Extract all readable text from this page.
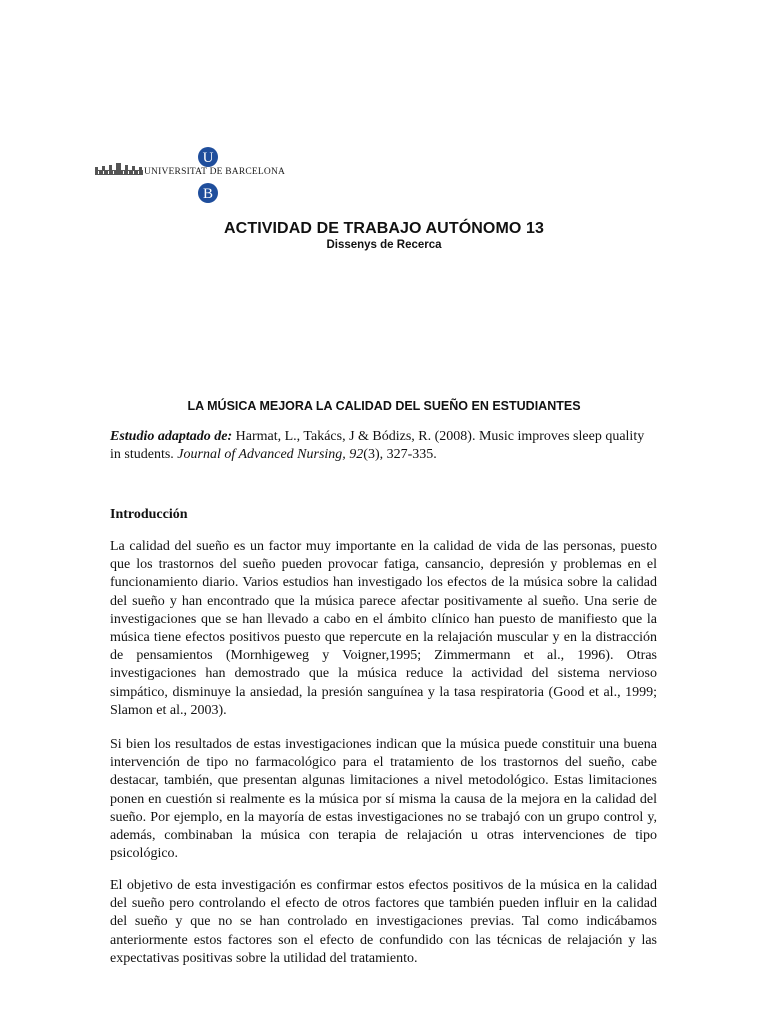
U
B
UNIVERSITAT DE BARCELONA
ACTIVIDAD DE TRABAJO AUTÓNOMO 13
Dissenys de Recerca
LA MÚSICA MEJORA LA CALIDAD DEL SUEÑO EN ESTUDIANTES
Estudio adaptado de: Harmat, L., Takács, J & Bódizs, R. (2008). Music improves sleep quality in students. Journal of Advanced Nursing, 92(3), 327-335.
Introducción
La calidad del sueño es un factor muy importante en la calidad de vida de las personas, puesto que los trastornos del sueño pueden provocar fatiga, cansancio, depresión y problemas en el funcionamiento diario. Varios estudios han investigado los efectos de la música sobre la calidad del sueño y han encontrado que la música parece afectar positivamente al sueño. Una serie de investigaciones que se han llevado a cabo en el ámbito clínico han puesto de manifiesto que la música tiene efectos positivos puesto que repercute en la relajación muscular y en la distracción de pensamientos (Mornhigeweg y Voigner,1995; Zimmermann et al., 1996). Otras investigaciones han demostrado que la música reduce la actividad del sistema nervioso simpático, disminuye la ansiedad, la presión sanguínea y la tasa respiratoria (Good et al., 1999; Slamon et al., 2003).
Si bien los resultados de estas investigaciones indican que la música puede constituir una buena intervención de tipo no farmacológico para el tratamiento de los trastornos del sueño, cabe destacar, también, que presentan algunas limitaciones a nivel metodológico. Estas limitaciones ponen en cuestión si realmente es la música por sí misma la causa de la mejora en la calidad del sueño. Por ejemplo, en la mayoría de estas investigaciones no se trabajó con un grupo control y, además, combinaban la música con terapia de relajación u otras intervenciones de tipo psicológico.
El objetivo de esta investigación es confirmar estos efectos positivos de la música en la calidad del sueño pero controlando el efecto de otros factores que también pueden influir en la calidad del sueño y que no se han controlado en investigaciones previas. Tal como indicábamos anteriormente estos factores son el efecto de confundido con las técnicas de relajación y las expectativas positivas sobre la utilidad del tratamiento.
